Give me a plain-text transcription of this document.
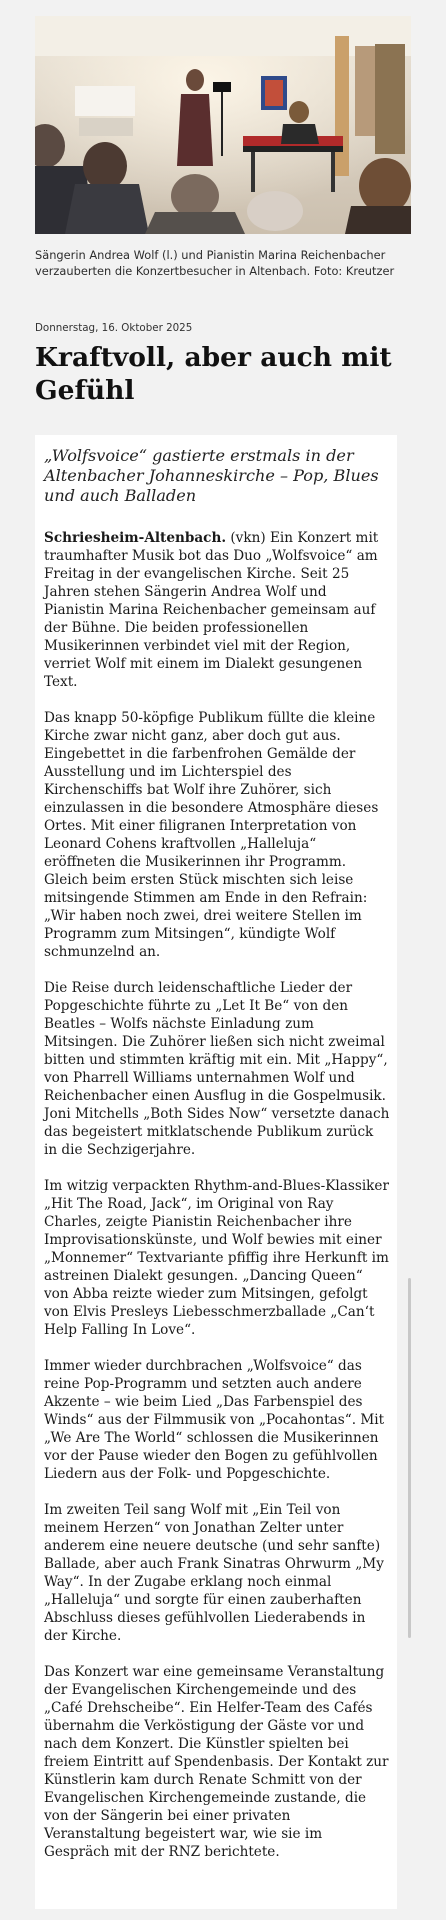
Sängerin Andrea Wolf (l.) und Pianistin Marina Reichenbacher verzauberten die Konzertbesucher in Altenbach. Foto: Kreutzer
Donnerstag, 16. Oktober 2025
Kraftvoll, aber auch mit Gefühl
„Wolfsvoice“ gastierte erstmals in der Altenbacher Johanneskirche – Pop, Blues und auch Balladen

Schriesheim-Altenbach. (vkn) Ein Konzert mit traumhafter Musik bot das Duo „Wolfsvoice“ am Freitag in der evangelischen Kirche. Seit 25 Jahren stehen Sängerin Andrea Wolf und Pianistin Marina Reichenbacher gemeinsam auf der Bühne. Die beiden professionellen Musikerinnen verbindet viel mit der Region, verriet Wolf mit einem im Dialekt gesungenen Text.

Das knapp 50-köpfige Publikum füllte die kleine Kirche zwar nicht ganz, aber doch gut aus. Eingebettet in die farbenfrohen Gemälde der Ausstellung und im Lichterspiel des Kirchenschiffs bat Wolf ihre Zuhörer, sich einzulassen in die besondere Atmosphäre dieses Ortes. Mit einer filigranen Interpretation von Leonard Cohens kraftvollen „Halleluja“ eröffneten die Musikerinnen ihr Programm. Gleich beim ersten Stück mischten sich leise mitsingende Stimmen am Ende in den Refrain: „Wir haben noch zwei, drei weitere Stellen im Programm zum Mitsingen“, kündigte Wolf schmunzelnd an.

Die Reise durch leidenschaftliche Lieder der Popgeschichte führte zu „Let It Be“ von den Beatles – Wolfs nächste Einladung zum Mitsingen. Die Zuhörer ließen sich nicht zweimal bitten und stimmten kräftig mit ein. Mit „Happy“, von Pharrell Williams unternahmen Wolf und Reichenbacher einen Ausflug in die Gospelmusik. Joni Mitchells „Both Sides Now“ versetzte danach das begeistert mitklatschende Publikum zurück in die Sechzigerjahre.

Im witzig verpackten Rhythm-and-Blues-Klassiker „Hit The Road, Jack“, im Original von Ray Charles, zeigte Pianistin Reichenbacher ihre Improvisationskünste, und Wolf bewies mit einer „Monnemer“ Textvariante pfiffig ihre Herkunft im astreinen Dialekt gesungen. „Dancing Queen“ von Abba reizte wieder zum Mitsingen, gefolgt von Elvis Presleys Liebesschmerzballade „Can‘t Help Falling In Love“.

Immer wieder durchbrachen „Wolfsvoice“ das reine Pop-Programm und setzten auch andere Akzente – wie beim Lied „Das Farbenspiel des Winds“ aus der Filmmusik von „Pocahontas“. Mit „We Are The World“ schlossen die Musikerinnen vor der Pause wieder den Bogen zu gefühlvollen Liedern aus der Folk- und Popgeschichte.

Im zweiten Teil sang Wolf mit „Ein Teil von meinem Herzen“ von Jonathan Zelter unter anderem eine neuere deutsche (und sehr sanfte) Ballade, aber auch Frank Sinatras Ohrwurm „My Way“. In der Zugabe erklang noch einmal „Halleluja“ und sorgte für einen zauberhaften Abschluss dieses gefühlvollen Liederabends in der Kirche.

Das Konzert war eine gemeinsame Veranstaltung der Evangelischen Kirchengemeinde und des „Café Drehscheibe“. Ein Helfer-Team des Cafés übernahm die Verköstigung der Gäste vor und nach dem Konzert. Die Künstler spielten bei freiem Eintritt auf Spendenbasis. Der Kontakt zur Künstlerin kam durch Renate Schmitt von der Evangelischen Kirchengemeinde zustande, die von der Sängerin bei einer privaten Veranstaltung begeistert war, wie sie im Gespräch mit der RNZ berichtete.
